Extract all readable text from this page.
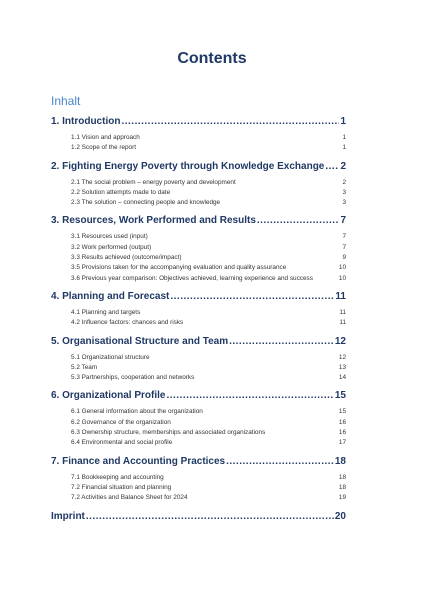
Contents
Inhalt
1. Introduction .....	1
1.1 Vision and approach	1
1.2 Scope of the report	1
2. Fighting Energy Poverty through Knowledge Exchange ..... 2
2.1 The social problem – energy poverty and development	2
2.2 Solution attempts made to date	3
2.3 The solution – connecting people and knowledge	3
3. Resources, Work Performed and Results .....	7
3.1 Resources used (input)	7
3.2 Work performed (output)	7
3.3 Results achieved (outcome/impact)	9
3.5 Provisions taken for the accompanying evaluation and quality assurance	10
3.6 Previous year comparison: Objectives achieved, learning experience and success	10
4. Planning and Forecast .....	11
4.1 Planning and targets	11
4.2 Influence factors: chances and risks	11
5. Organisational Structure and Team .....	12
5.1 Organizational structure	12
5.2 Team	13
5.3 Partnerships, cooperation and networks	14
6. Organizational Profile .....	15
6.1 General information about the organization	15
6.2 Governance of the organization	16
6.3 Ownership structure, memberships and associated organizations	16
6.4 Environmental and social profile	17
7. Finance and Accounting Practices .....	18
7.1 Bookkeeping and accounting	18
7.2 Financial situation and planning	18
7.2 Activities and Balance Sheet for 2024	19
Imprint .....	20
